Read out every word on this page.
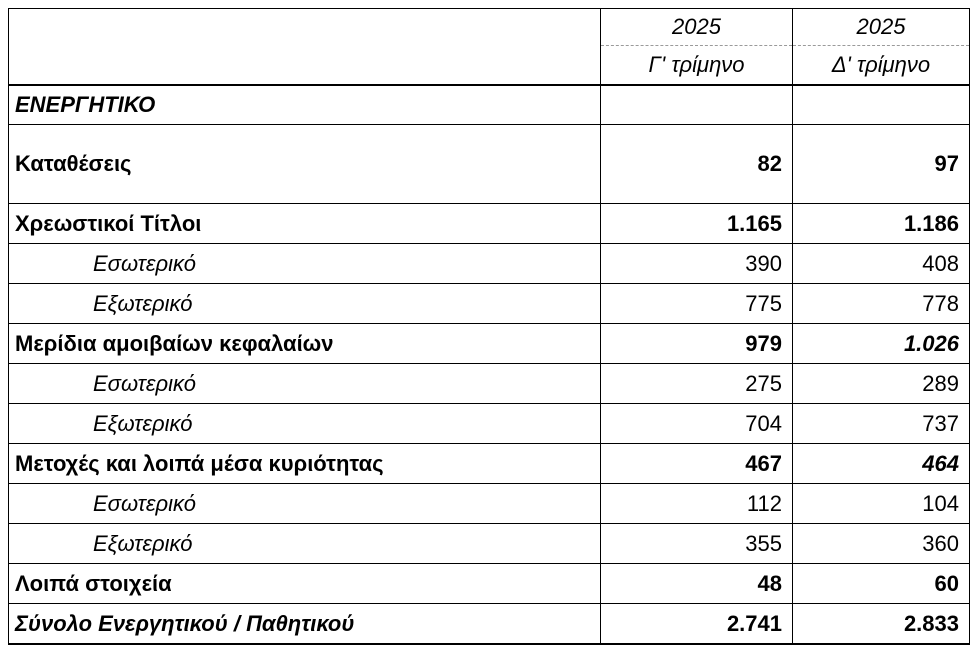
	2025	2025
	Γ' τρίμηνο	Δ' τρίμηνο
ΕΝΕΡΓΗΤΙΚΟ		
Καταθέσεις	82	97
Χρεωστικοί Τίτλοι	1.165	1.186
Εσωτερικό	390	408
Εξωτερικό	775	778
Μερίδια αμοιβαίων κεφαλαίων	979	1.026
Εσωτερικό	275	289
Εξωτερικό	704	737
Μετοχές και λοιπά μέσα κυριότητας	467	464
Εσωτερικό	112	104
Εξωτερικό	355	360
Λοιπά στοιχεία	48	60
Σύνολο Ενεργητικού / Παθητικού	2.741	2.833
